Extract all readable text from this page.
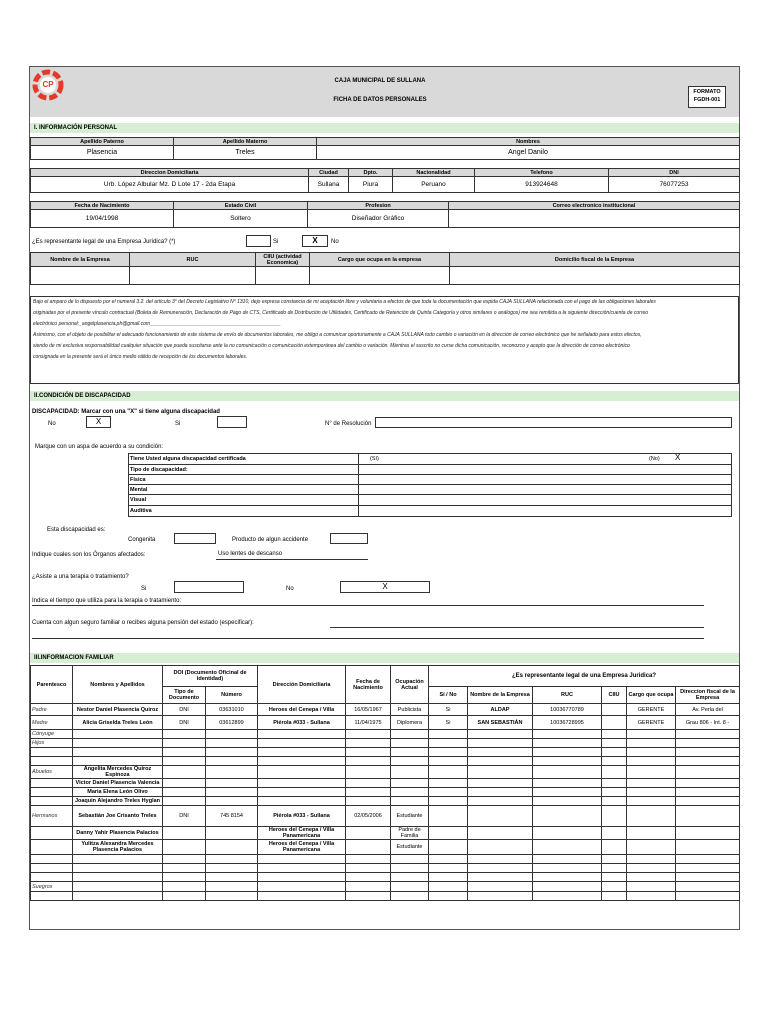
CP	CAJA MUNICIPAL DE SULLANA
FICHA DE DATOS PERSONALES
FORMATO
FGDH-001
I. INFORMACIÓN PERSONAL
Apellido Paterno	Apellido Materno	Nombres
Plasencia	Treles	Angel Danilo
Direccion Domiciliaria	Ciudad	Dpto.	Nacionalidad	Telefono	DNI
Urb. López Albular Mz. D Lote 17 - 2da Etapa	Sullana	Piura	Peruano	913924648	76077253
Fecha de Nacimiento	Estado Civil	Profesion	Correo electronico institucional
19/04/1998	Soltero	Diseñador Gráfico	
¿Es representante legal de una Empresa Jurídica? (*)	Si	X	No
Nombre de la Empresa	RUC	CIIU (actividad Economica)	Cargo que ocupa en la empresa	Domicilio fiscal de la Empresa

Bajo el amparo de lo dispuesto por el numeral 3.2. del artículo 3° del Decreto Legislativo N° 1310, dejo expresa constancia de mi aceptación libre y voluntaria a efectos de que toda la documentación que expida CAJA SULLANA relacionada con el pago de las obligaciones laborales

originadas por el presente vínculo contractual (Boleta de Remuneración, Declaración de Pago de CTS, Certificado de Distribución de Utilidades, Certificado de Retención de Quinta Categoría y otros similares o análogos) me sea remitida a la siguiente dirección/cuenta de correo

electrónico personal:_angelplasencia.ph@gmail.com_______________________________________________

Asimismo, con el objeto de posibilitar el adecuado funcionamiento de este sistema de envío de documentos laborales, me obligo a comunicar oportunamente a CAJA SULLANA todo cambio o variación en la dirección de correo electrónico que he señalado para estos efectos,

siendo de mi exclusiva responsabilidad cualquier situación que pueda suscitarse ante la no comunicación o comunicación extemporánea del cambio o variación. Mientras el suscrito no curse dicha comunicación, reconozco y acepto que la dirección de correo electrónico

consignada en la presente será el único medio válido de recepción de los documentos laborales.

II.CONDICIÓN DE DISCAPACIDAD
DISCAPACIDAD: Marcar con una "X" si tiene alguna discapacidad
No	X	Si	N° de Resolución
Marque con un aspa de acuerdo a su condición:
Tiene Usted alguna discapacidad certificada	(Sí) (No) X

Tipo de discapacidad:	
Física	
Mental	
Visual	
Auditiva	
Esta discapacidad es:
Congenita	Producto de algun accidente
Indique cuales son los Órganos afectados:	Uso lentes de descanso
¿Asiste a una terapia o tratamiento?
Si	No	X
Indica el tiempo que utiliza para la terapia o tratamiento:
Cuenta con algun seguro familiar o recibes alguna pensión del estado (especificar):
III.INFORMACION FAMILIAR
Parentesco	Nombres y Apellidos	DOI (Documento Oficinal de Identidad)		Dirección Domiciliaria	Fecha de Nacimiento	Ocupación Actual	¿Es representante legal de una Empresa Juridica?					
		Tipo de Documento	Número				Sí / No	Nombre de la Empresa	RUC	CIIU	Cargo que ocupa	Direccion fiscal de la Empresa
Padre	Nestor Daniel Plasencia Quiroz	DNI	03631010	Heroes del Cenepa / Villa	16/05/1967	Publicista	Si	ALDAP	10036770789		GERENTE	Av. Perla del
Madre	Alicia Griselda Treles León	DNI	03612899	Piérola #033 - Sullana	11/04/1975	Diplomera	Si	SAN SEBASTIÁN	10036728995		GERENTE	Grau 806 - Int. 8 -
Cónyuge												
Hijos												

Abuelos	Angelita Mercedes Quiroz Espinoza											
	Victor Daniel Plasencia Valencia											
	Maria Elena León Olivo											
	Joaquin Alejandro Treles Hyglan											
Hermanos	Sebastián Joe Crisanto Treles	DNI	745 8154	Piérola #033 - Sullana	02/05/2006	Estudiante						
	Danny Yahir Plasencia Palacios			Heroes del Cenepa / Villa Panamericana		Padre de Familia						
	Yulitza Alexandra Mercedes Plasencia Palacios			Heroes del Cenepa / Villa Panamericana		Estudiante						

Suegros												
